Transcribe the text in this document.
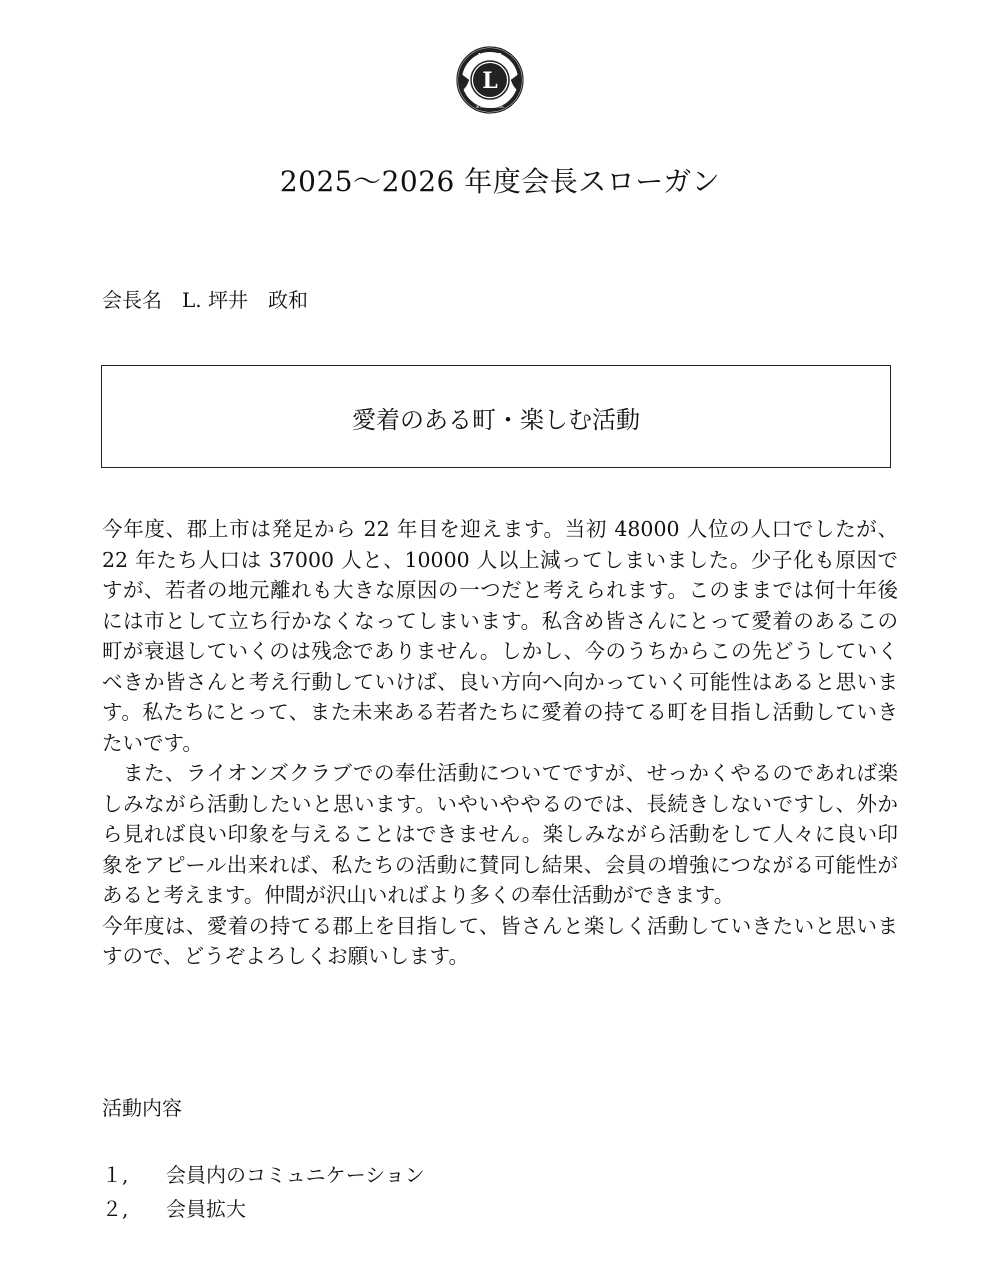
L
LIONS
INTERNATIONAL
2025～2026 年度会長スローガン
会長名　L. 坪井　政和
愛着のある町・楽しむ活動

今年度、郡上市は発足から 22 年目を迎えます。当初 48000 人位の人口でしたが、22 年たち人口は 37000 人と、10000 人以上減ってしまいました。少子化も原因ですが、若者の地元離れも大きな原因の一つだと考えられます。このままでは何十年後には市として立ち行かなくなってしまいます。私含め皆さんにとって愛着のあるこの町が衰退していくのは残念でありません。しかし、今のうちからこの先どうしていくべきか皆さんと考え行動していけば、良い方向へ向かっていく可能性はあると思います。私たちにとって、また未来ある若者たちに愛着の持てる町を目指し活動していきたいです。

　また、ライオンズクラブでの奉仕活動についてですが、せっかくやるのであれば楽しみながら活動したいと思います。いやいややるのでは、長続きしないですし、外から見れば良い印象を与えることはできません。楽しみながら活動をして人々に良い印象をアピール出来れば、私たちの活動に賛同し結果、会員の増強につながる可能性があると考えます。仲間が沢山いればより多くの奉仕活動ができます。

今年度は、愛着の持てる郡上を目指して、皆さんと楽しく活動していきたいと思いますので、どうぞよろしくお願いします。

活動内容
１,	会員内のコミュニケーション
２,	会員拡大
